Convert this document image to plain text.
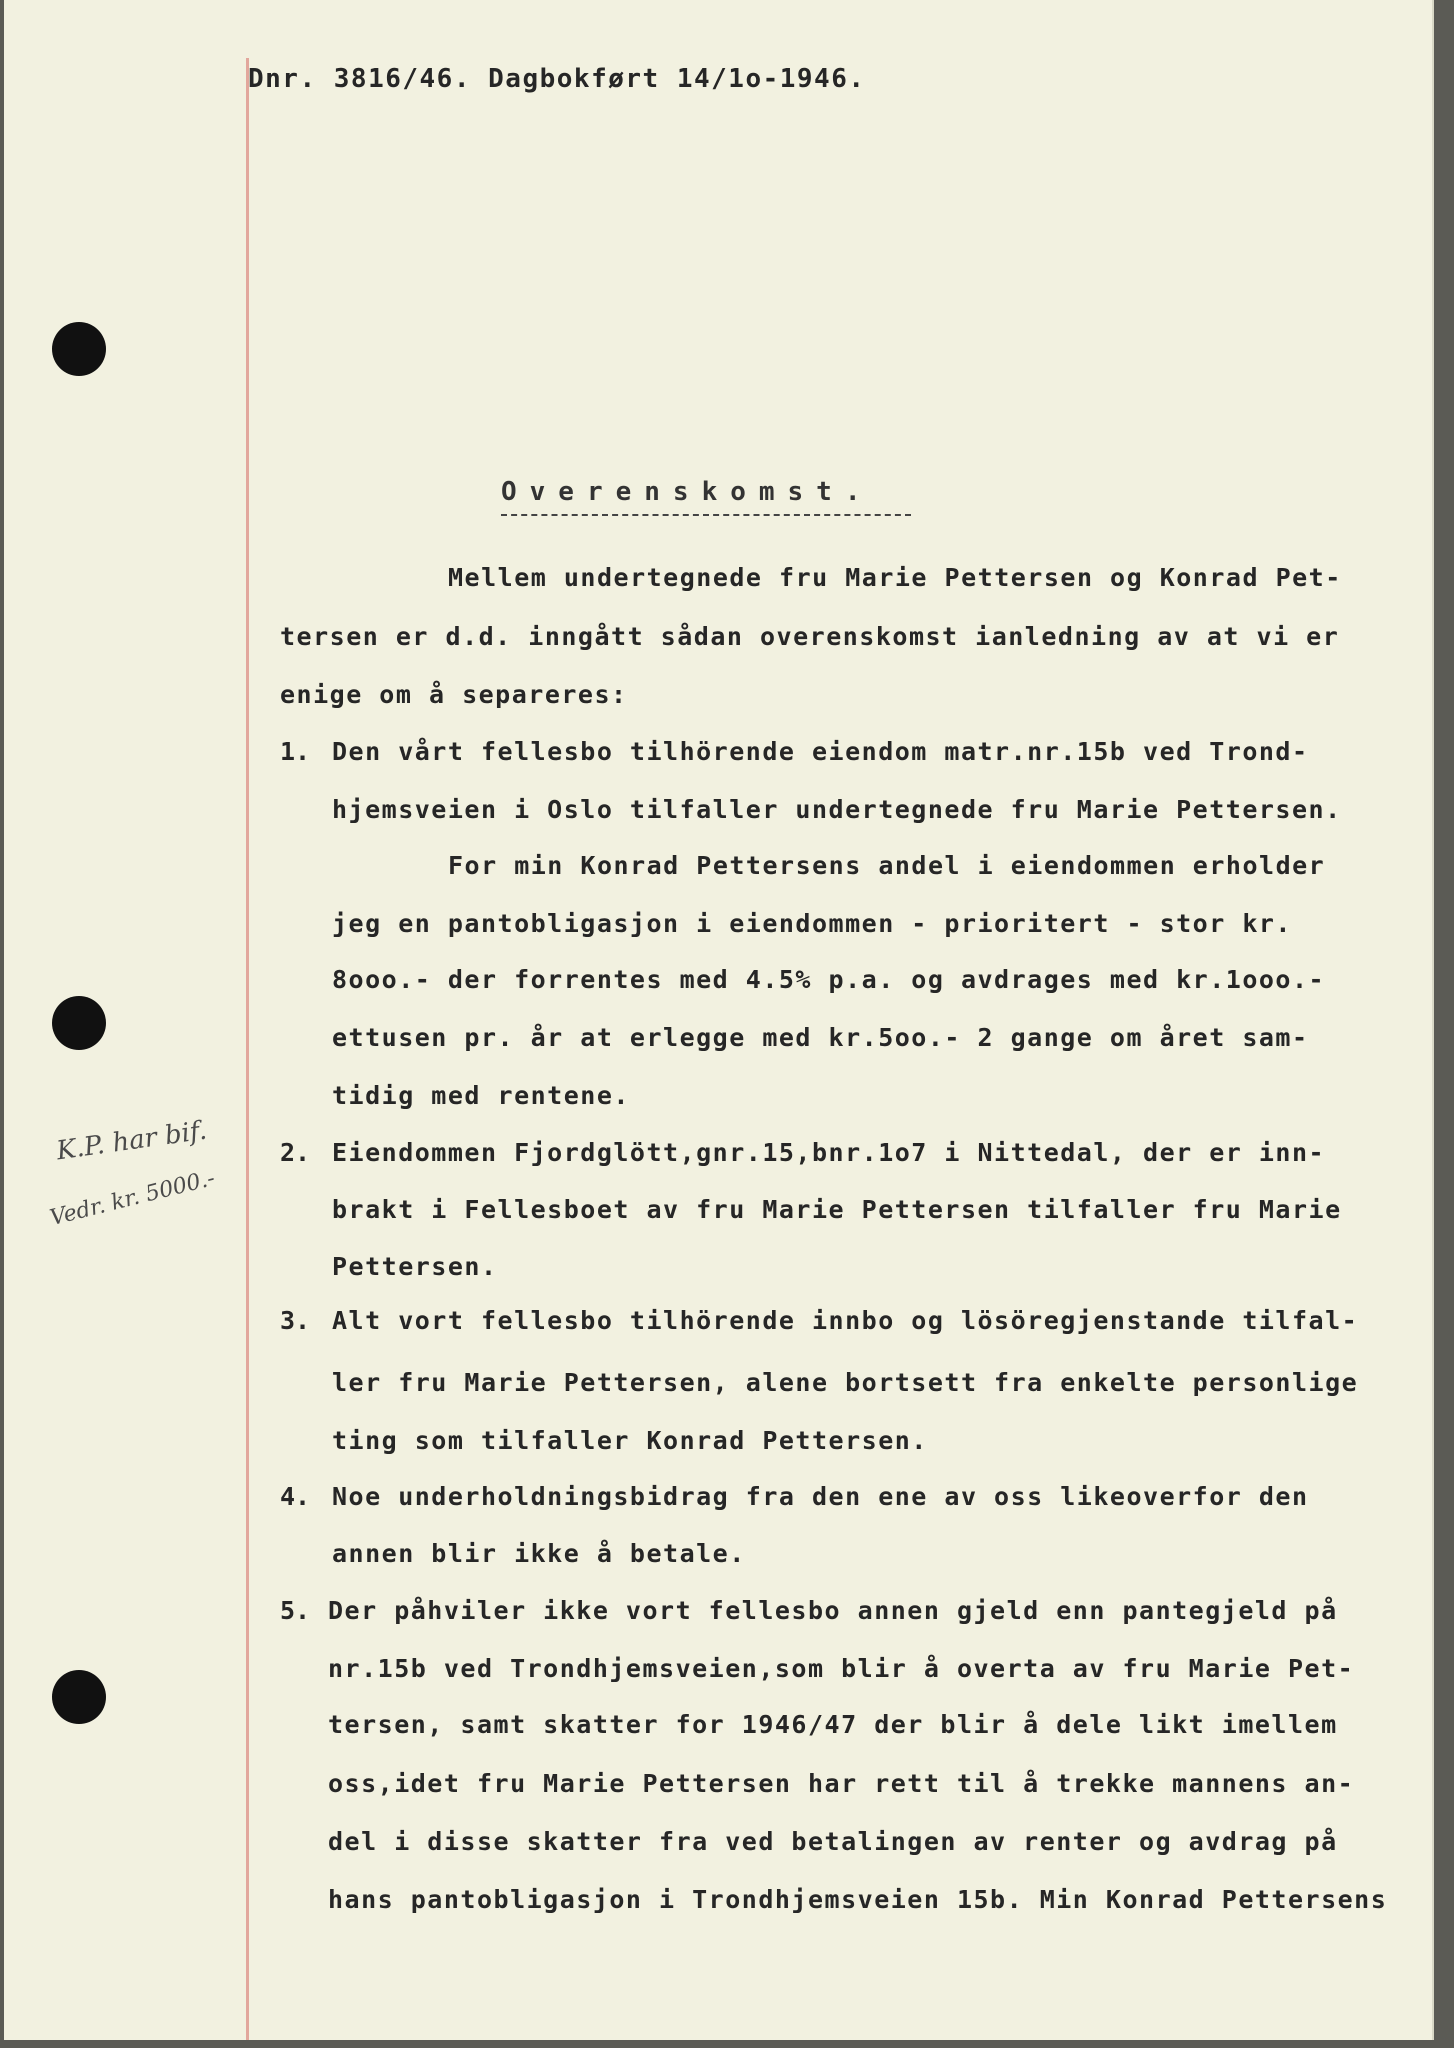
Dnr. 3816/46. Dagbokført 14/1o-1946.
Overenskomst.
Mellem undertegnede fru Marie Pettersen og Konrad Pet-
tersen er d.d. inngått sådan overenskomst ianledning av at vi er
enige om å separeres:
1. Den vårt fellesbo tilhörende eiendom matr.nr.15b ved Trond-
hjemsveien i Oslo tilfaller undertegnede fru Marie Pettersen.
For min Konrad Pettersens andel i eiendommen erholder
jeg en pantobligasjon i eiendommen - prioritert - stor kr.
8ooo.- der forrentes med 4.5% p.a. og avdrages med kr.1ooo.-
ettusen pr. år at erlegge med kr.5oo.- 2 gange om året sam-
tidig med rentene.
K.P. har bif.
Vedr. kr. 5000.-
2. Eiendommen Fjordglött,gnr.15,bnr.1o7 i Nittedal, der er inn-
brakt i Fellesboet av fru Marie Pettersen tilfaller fru Marie
Pettersen.
3. Alt vort fellesbo tilhörende innbo og lösöregjenstande tilfal-
ler fru Marie Pettersen, alene bortsett fra enkelte personlige
ting som tilfaller Konrad Pettersen.
4. Noe underholdningsbidrag fra den ene av oss likeoverfor den
annen blir ikke å betale.
5. Der påhviler ikke vort fellesbo annen gjeld enn pantegjeld på
nr.15b ved Trondhjemsveien,som blir å overta av fru Marie Pet-
tersen, samt skatter for 1946/47 der blir å dele likt imellem
oss,idet fru Marie Pettersen har rett til å trekke mannens an-
del i disse skatter fra ved betalingen av renter og avdrag på
hans pantobligasjon i Trondhjemsveien 15b. Min Konrad Pettersens
